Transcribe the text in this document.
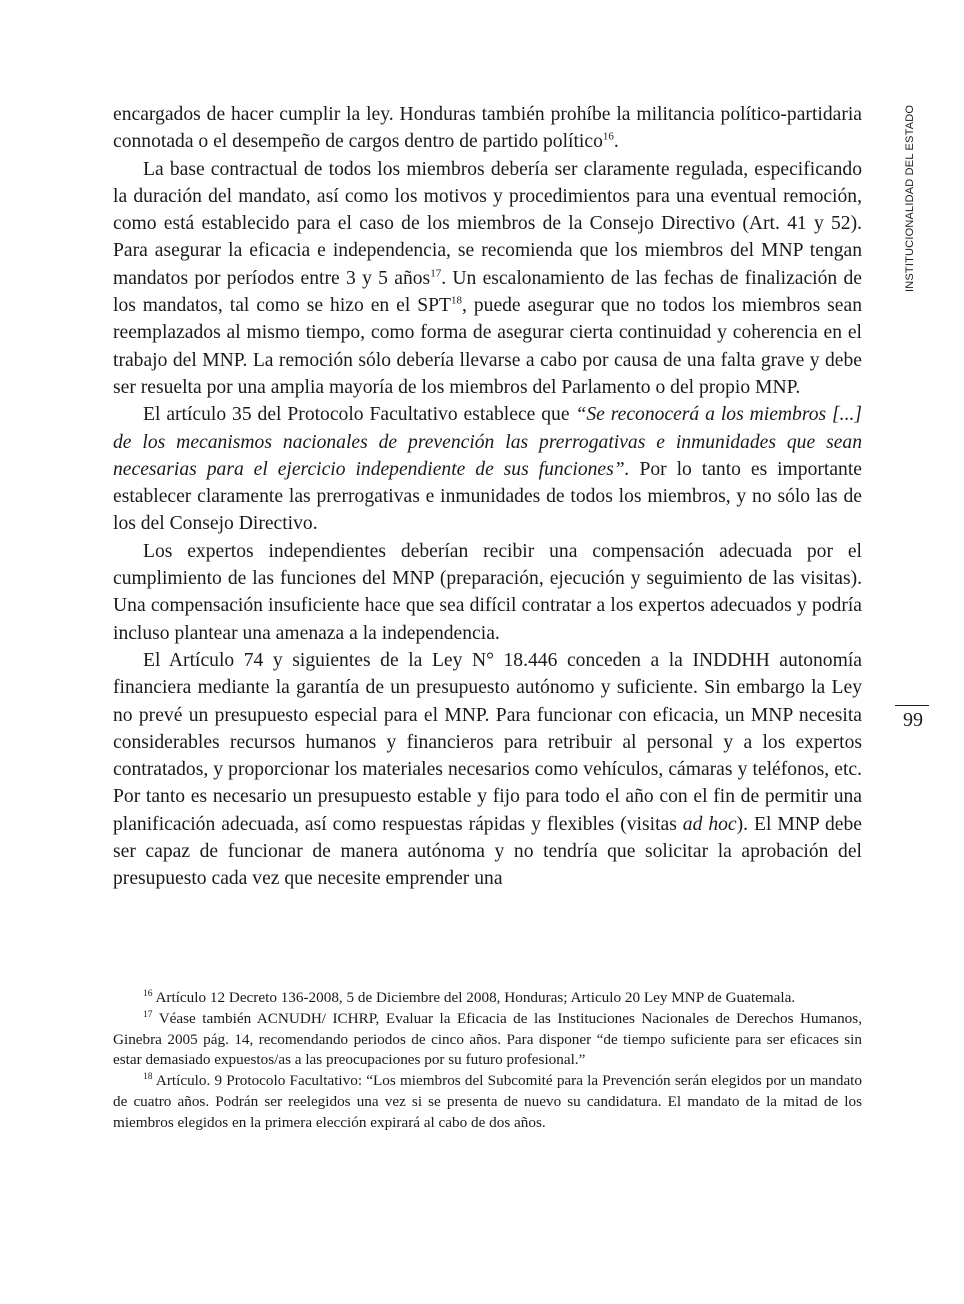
INSTITUCIONALIDAD DEL ESTADO
99

encargados de hacer cumplir la ley. Honduras también prohíbe la militancia político-partidaria connotada o el desempeño de cargos dentro de partido político$^{16}$.

La base contractual de todos los miembros debería ser claramente regulada, especificando la duración del mandato, así como los motivos y procedimientos para una eventual remoción, como está establecido para el caso de los miembros de la Consejo Directivo (Art. 41 y 52). Para asegurar la eficacia e independencia, se recomienda que los miembros del MNP tengan mandatos por períodos entre 3 y 5 años$^{17}$. Un escalonamiento de las fechas de finalización de los mandatos, tal como se hizo en el SPT$^{18}$, puede asegurar que no todos los miembros sean reemplazados al mismo tiempo, como forma de asegurar cierta continuidad y coherencia en el trabajo del MNP. La remoción sólo debería llevarse a cabo por causa de una falta grave y debe ser resuelta por una amplia mayoría de los miembros del Parlamento o del propio MNP.

El artículo 35 del Protocolo Facultativo establece que “Se reconocerá a los miembros [...] de los mecanismos nacionales de prevención las prerrogativas e inmunidades que sean necesarias para el ejercicio independiente de sus funciones”. Por lo tanto es importante establecer claramente las prerrogativas e inmunidades de todos los miembros, y no sólo las de los del Consejo Directivo.

Los expertos independientes deberían recibir una compensación adecuada por el cumplimiento de las funciones del MNP (preparación, ejecución y seguimiento de las visitas). Una compensación insuficiente hace que sea difícil contratar a los expertos adecuados y podría incluso plantear una amenaza a la independencia.

El Artículo 74 y siguientes de la Ley N° 18.446 conceden a la INDDHH autonomía financiera mediante la garantía de un presupuesto autónomo y suficiente. Sin embargo la Ley no prevé un presupuesto especial para el MNP. Para funcionar con eficacia, un MNP necesita considerables recursos humanos y financieros para retribuir al personal y a los expertos contratados, y proporcionar los materiales necesarios como vehículos, cámaras y teléfonos, etc. Por tanto es necesario un presupuesto estable y fijo para todo el año con el fin de permitir una planificación adecuada, así como respuestas rápidas y flexibles (visitas ad hoc). El MNP debe ser capaz de funcionar de manera autónoma y no tendría que solicitar la aprobación del presupuesto cada vez que necesite emprender una

$^{16}$ Artículo 12 Decreto 136-2008, 5 de Diciembre del 2008, Honduras; Articulo 20 Ley MNP de Guatemala.

$^{17}$ Véase también ACNUDH/ ICHRP, Evaluar la Eficacia de las Instituciones Nacionales de Derechos Humanos, Ginebra 2005 pág. 14, recomendando periodos de cinco años. Para disponer “de tiempo suficiente para ser eficaces sin estar demasiado expuestos/as a las preocupaciones por su futuro profesional.”

$^{18}$ Artículo. 9 Protocolo Facultativo: “Los miembros del Subcomité para la Prevención serán elegidos por un mandato de cuatro años. Podrán ser reelegidos una vez si se presenta de nuevo su candidatura. El mandato de la mitad de los miembros elegidos en la primera elección expirará al cabo de dos años.
